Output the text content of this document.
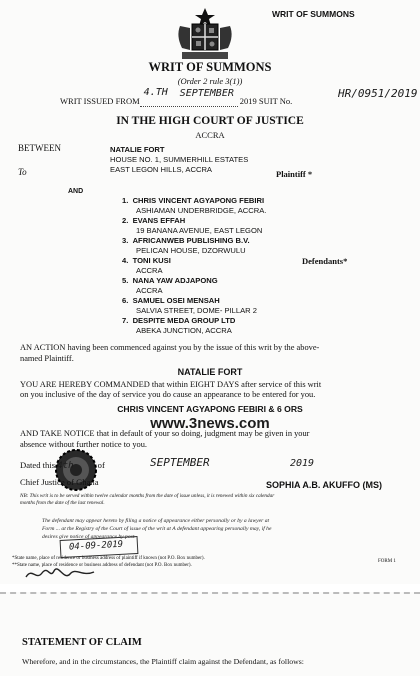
WRIT OF SUMMONS
WRIT OF SUMMONS
(Order 2 rule 3(1))
WRIT ISSUED FROM
4.TH SEPTEMBER
2019 SUIT No.
HR/0951/2019
IN THE HIGH COURT OF JUSTICE
ACCRA
BETWEEN
To
NATALIE FORT
HOUSE NO. 1, SUMMERHILL ESTATES
EAST LEGON HILLS, ACCRA	Plaintiff *
AND
1. CHRIS VINCENT AGYAPONG FEBIRI
ASHIAMAN UNDERBRIDGE, ACCRA.
2. EVANS EFFAH
19 BANANA AVENUE, EAST LEGON
3. AFRICANWEB PUBLISHING B.V.
PELICAN HOUSE, DZORWULU
4. TONI KUSI
ACCRA
5. NANA YAW ADJAPONG
ACCRA
6. SAMUEL OSEI MENSAH
SALVIA STREET, DOME- PILLAR 2
7. DESPITE MEDA GROUP LTD
ABEKA JUNCTION, ACCRA
Defendants*
AN ACTION having been commenced against you by the issue of this writ by the above-
named Plaintiff.
NATALIE FORT
YOU ARE HEREBY COMMANDED that within EIGHT DAYS after service of this writ
on you inclusive of the day of service you do cause an appearance to be entered for you.
CHRIS VINCENT AGYAPONG FEBIRI & 6 ORS
www.3news.com
AND TAKE NOTICE that in default of your so doing, judgment may be given in your
absence without further notice to you.
Dated this 4th	of	SEPTEMBER	2019
Chief Justice of Ghana	SOPHIA A.B. AKUFFO (MS)
NB: This writ is to be served within twelve calendar months from the date of issue unless, it is renewed within six calendar
months from the date of the last renewal.
The defendant may appear hereto by filing a notice of appearance either personally or by a lawyer at
Form ... at the Registry of the Court of issue of the writ at A defendant appearing personally may, if he
desires give notice of appearance by post.
04-09-2019
*State name, place of residence or business address of plaintiff if known (not P.O. Box number).
**State name, place of residence or business address of defendant (not P.O. Box number).
FORM 1
STATEMENT OF CLAIM
Wherefore, and in the circumstances, the Plaintiff claim against the Defendant, as follows:
